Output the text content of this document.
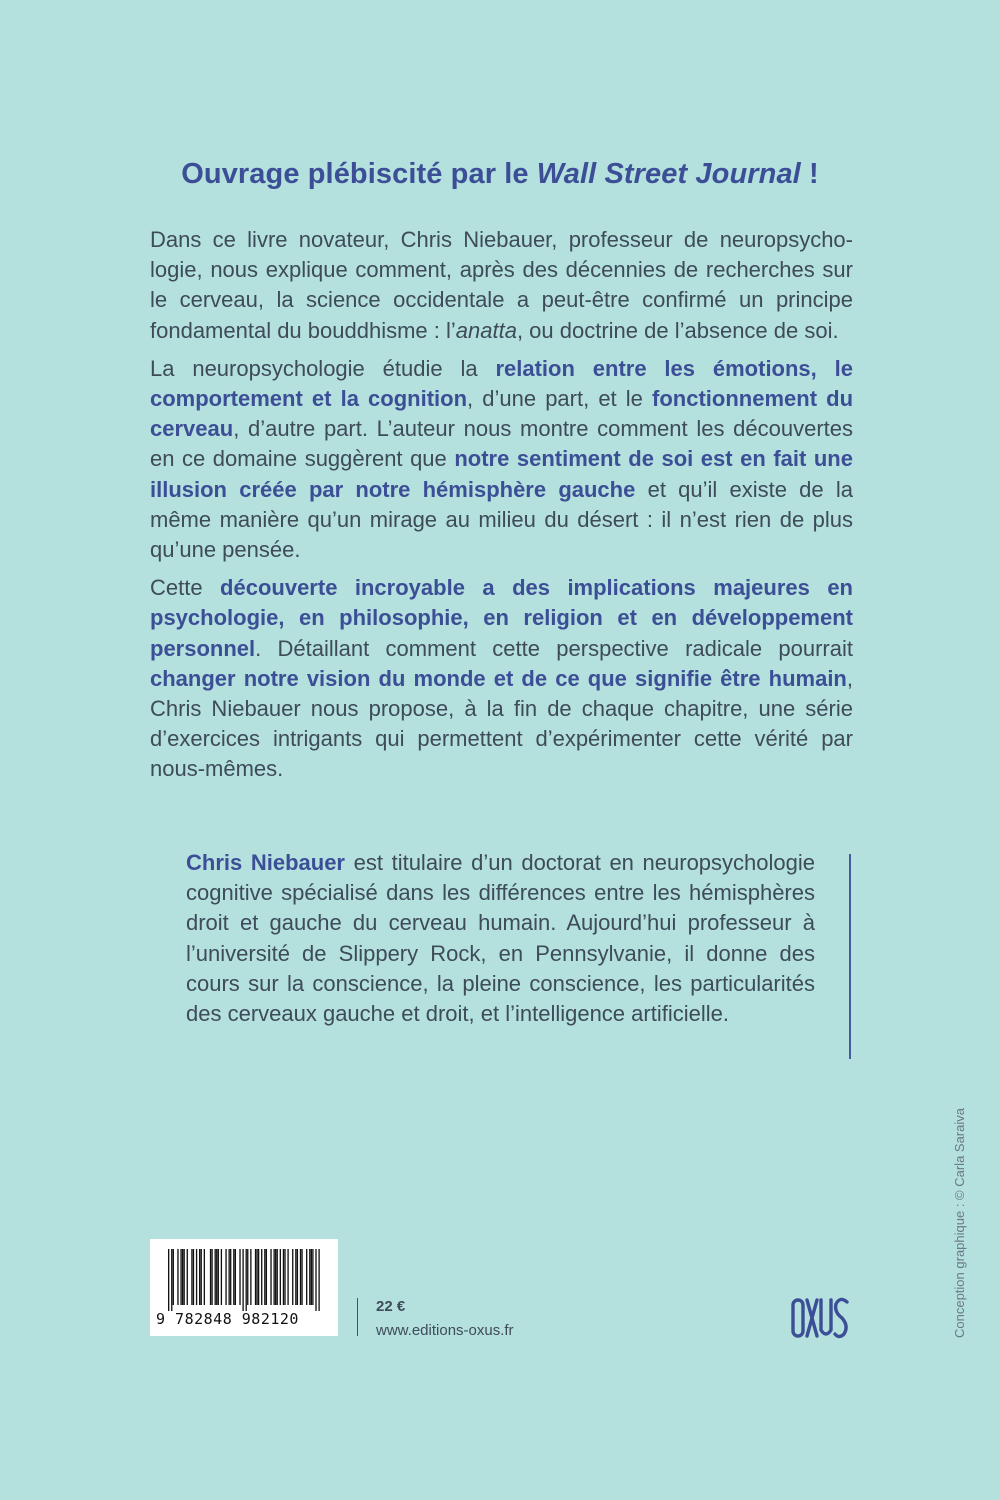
Ouvrage plébiscité par le Wall Street Journal !

Dans ce livre novateur, Chris Niebauer, professeur de neuropsychologie, nous explique comment, après des décennies de recherches sur le cerveau, la science occidentale a peut-être confirmé un principe fondamental du bouddhisme : l’anatta, ou doctrine de l’absence de soi.

La neuropsychologie étudie la relation entre les émotions, le comportement et la cognition, d’une part, et le fonctionnement du cerveau, d’autre part. L’auteur nous montre comment les découvertes en ce domaine suggèrent que notre sentiment de soi est en fait une illusion créée par notre hémisphère gauche et qu’il existe de la même manière qu’un mirage au milieu du désert : il n’est rien de plus qu’une pensée.

Cette découverte incroyable a des implications majeures en psychologie, en philosophie, en religion et en développement personnel. Détaillant comment cette perspective radicale pourrait changer notre vision du monde et de ce que signifie être humain, Chris Niebauer nous propose, à la fin de chaque chapitre, une série d’exercices intrigants qui permettent d’expérimenter cette vérité par nous-mêmes.

Chris Niebauer est titulaire d’un doctorat en neuropsychologie cognitive spécialisé dans les différences entre les hémisphères droit et gauche du cerveau humain. Aujourd’hui professeur à l’université de Slippery Rock, en Pennsylvanie, il donne des cours sur la conscience, la pleine conscience, les particularités des cerveaux gauche et droit, et l’intelligence artificielle.
Conception graphique : © Carla Saraiva
9 782848 982120
22 €
www.editions-oxus.fr
